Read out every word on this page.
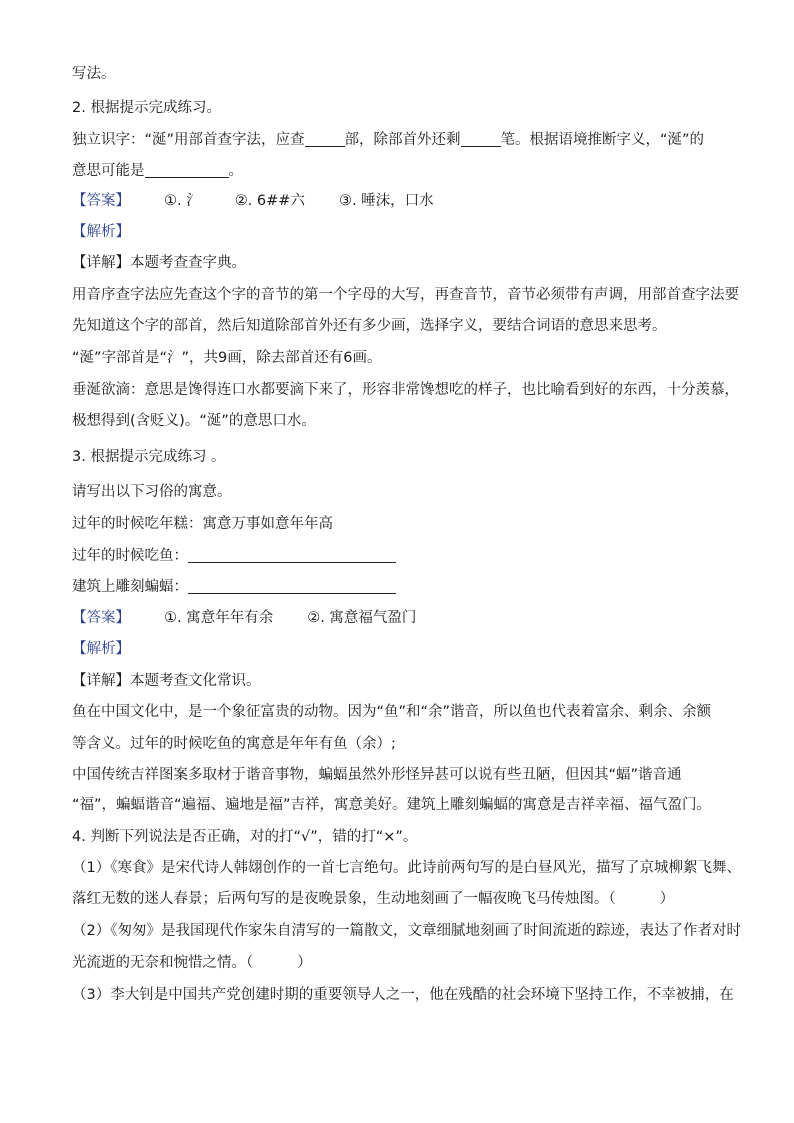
写法。
2. 根据提示完成练习。
独立识字：“涎”用部首查字法，应查	部，除部首外还剩	笔。根据语境推断字义，“涎”的
意思可能是	。
【答案】 ①. 氵 ②. 6##六 ③. 唾沫，口水
【解析】
【详解】本题考查查字典。
用音序查字法应先查这个字的音节的第一个字母的大写，再查音节，音节必须带有声调，用部首查字法要
先知道这个字的部首，然后知道除部首外还有多少画，选择字义，要结合词语的意思来思考。
“涎”字部首是“氵”，共9画，除去部首还有6画。
垂涎欲滴：意思是馋得连口水都要滴下来了，形容非常馋想吃的样子，也比喻看到好的东西，十分羡慕，
极想得到(含贬义)。“涎”的意思口水。
3. 根据提示完成练习 。
请写出以下习俗的寓意。
过年的时候吃年糕：寓意万事如意年年高
过年的时候吃鱼：
建筑上雕刻蝙蝠：
【答案】 ①. 寓意年年有余 ②. 寓意福气盈门
【解析】
【详解】本题考查文化常识。
鱼在中国文化中，是一个象征富贵的动物。因为“鱼”和“余”谐音，所以鱼也代表着富余、剩余、余额
等含义。过年的时候吃鱼的寓意是年年有鱼（余）;
中国传统吉祥图案多取材于谐音事物，蝙蝠虽然外形怪异甚可以说有些丑陋，但因其“蝠”谐音通
“福”，蝙蝠谐音“遍福、遍地是福”吉祥，寓意美好。建筑上雕刻蝙蝠的寓意是吉祥幸福、福气盈门。
4. 判断下列说法是否正确，对的打“√”，错的打“×”。
（1）《寒食》是宋代诗人韩翃创作的一首七言绝句。此诗前两句写的是白昼风光，描写了京城柳絮飞舞、
落红无数的迷人春景；后两句写的是夜晚景象，生动地刻画了一幅夜晚飞马传烛图。（	）
（2）《匆匆》是我国现代作家朱自清写的一篇散文，文章细腻地刻画了时间流逝的踪迹，表达了作者对时
光流逝的无奈和惋惜之情。（	）
（3）李大钊是中国共产党创建时期的重要领导人之一，他在残酷的社会环境下坚持工作，不幸被捕，在
